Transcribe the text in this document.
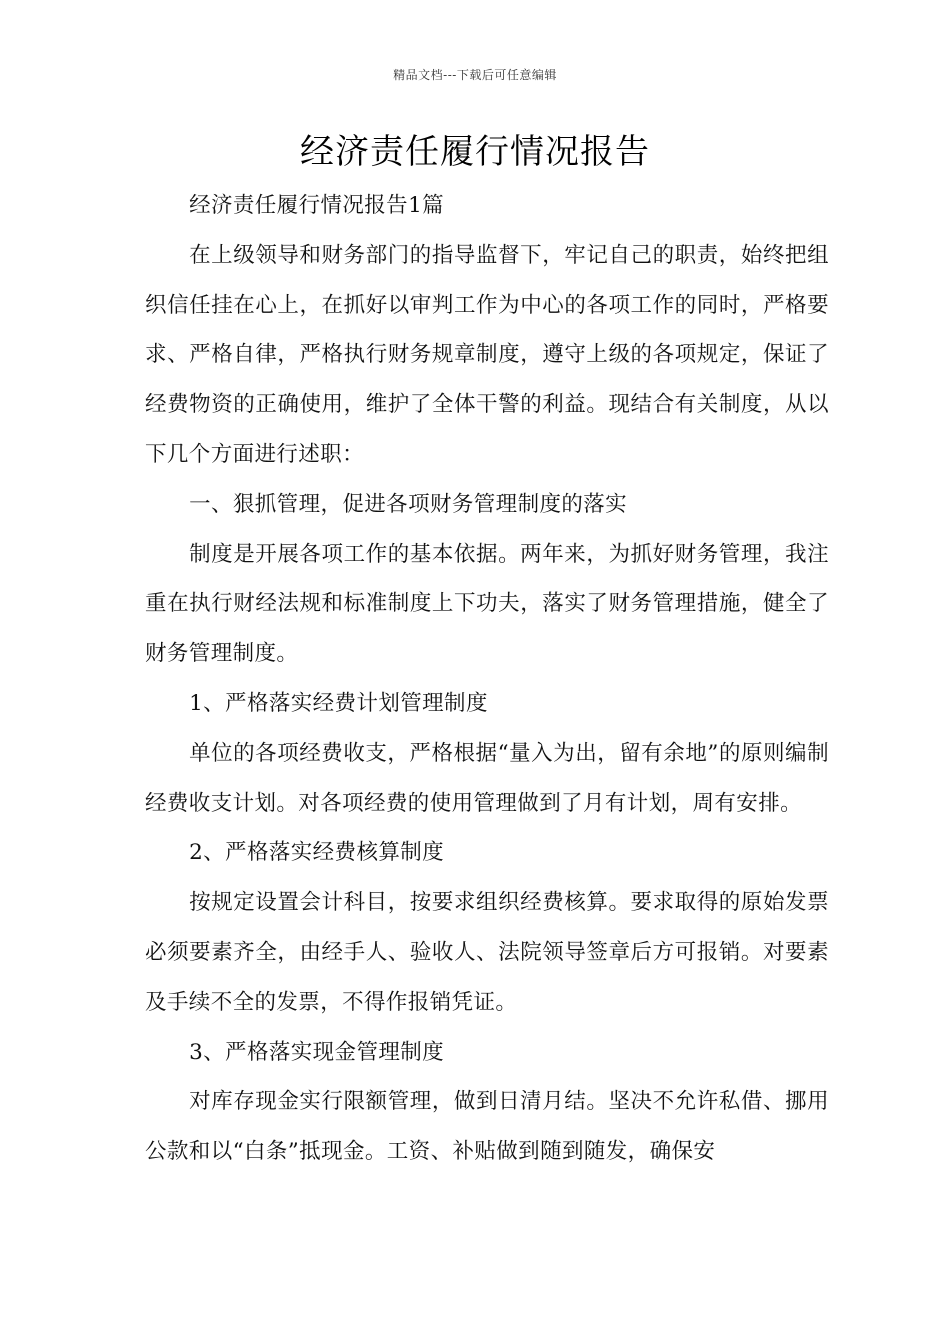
精品文档---下载后可任意编辑
经济责任履行情况报告

经济责任履行情况报告1篇

在上级领导和财务部门的指导监督下，牢记自己的职责，始终把组织信任挂在心上，在抓好以审判工作为中心的各项工作的同时，严格要求、严格自律，严格执行财务规章制度，遵守上级的各项规定，保证了经费物资的正确使用，维护了全体干警的利益。现结合有关制度，从以下几个方面进行述职：

一、狠抓管理，促进各项财务管理制度的落实

制度是开展各项工作的基本依据。两年来，为抓好财务管理，我注重在执行财经法规和标准制度上下功夫，落实了财务管理措施，健全了财务管理制度。

1、严格落实经费计划管理制度

单位的各项经费收支，严格根据“量入为出，留有余地”的原则编制经费收支计划。对各项经费的使用管理做到了月有计划，周有安排。

2、严格落实经费核算制度

按规定设置会计科目，按要求组织经费核算。要求取得的原始发票必须要素齐全，由经手人、验收人、法院领导签章后方可报销。对要素及手续不全的发票，不得作报销凭证。

3、严格落实现金管理制度

对库存现金实行限额管理，做到日清月结。坚决不允许私借、挪用公款和以“白条”抵现金。工资、补贴做到随到随发，确保安
